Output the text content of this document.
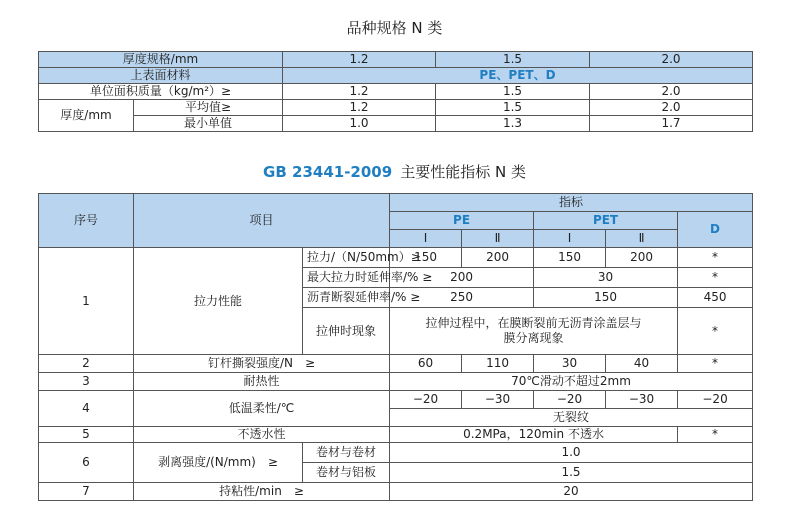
品种规格 N 类
厚度规格/mm		1.2	1.5	2.0
上表面材料		PE、PET、D		
单位面积质量（kg/m²）≥		1.2	1.5	2.0
厚度/mm	平均值≥	1.2	1.5	2.0
	最小单值	1.0	1.3	1.7
GB 23441-2009 主要性能指标 N 类
序号	项目		指标				
			PE		PET		D
			Ⅰ	Ⅱ	Ⅰ	Ⅱ	
1	拉力性能	拉力/（N/50mm）≥	150	200	150	200	*
		最大拉力时延伸率/% ≥	200		30		*
		沥青断裂延伸率/% ≥	250		150		450
		拉伸时现象	拉伸过程中，在膜断裂前无沥青涂盖层与膜分离现象				*
2	钉杆撕裂强度/N　≥		60	110	30	40	*
3	耐热性		70℃滑动不超过2mm				
4	低温柔性/℃		−20	−30	−20	−30	−20
			无裂纹				
5	不透水性		0.2MPa，120min 不透水				*
6	剥离强度/(N/mm)　≥	卷材与卷材	1.0				
		卷材与铝板	1.5				
7	持粘性/min　≥		20				
